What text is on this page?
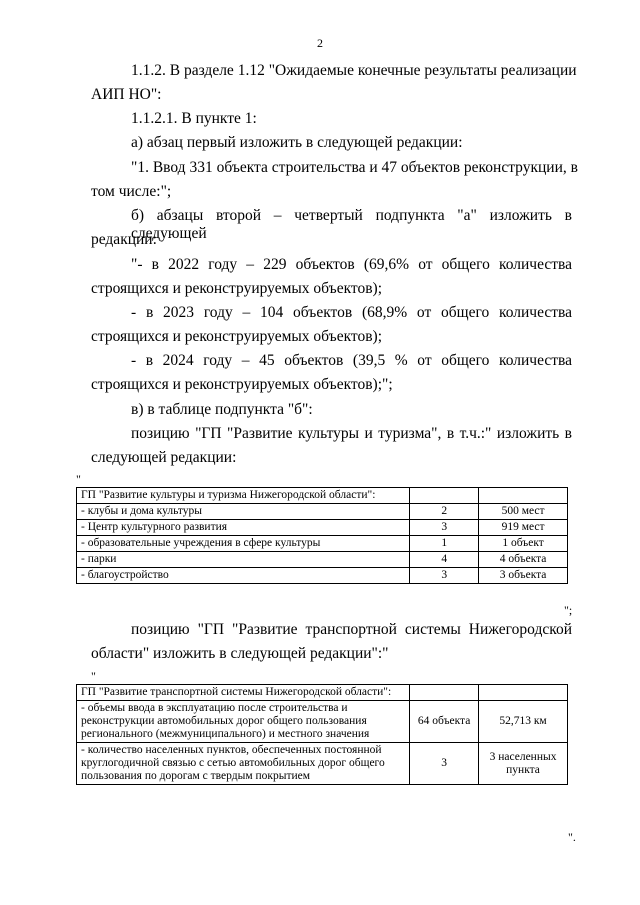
2
1.1.2. В разделе 1.12 "Ожидаемые конечные результаты реализации
АИП НО":
1.1.2.1. В пункте 1:
а) абзац первый изложить в следующей редакции:
"1. Ввод 331 объекта строительства и 47 объектов реконструкции, в
том числе:";
б) абзацы второй – четвертый подпункта "а" изложить в следующей
редакции:
"- в 2022 году – 229 объектов (69,6% от общего количества
строящихся и реконструируемых объектов);
- в 2023 году – 104 объектов (68,9% от общего количества
строящихся и реконструируемых объектов);
- в 2024 году – 45 объектов (39,5 % от общего количества
строящихся и реконструируемых объектов);";
в) в таблице подпункта "б":
позицию "ГП "Развитие культуры и туризма", в т.ч.:" изложить в
следующей редакции:
"
ГП "Развитие культуры и туризма Нижегородской области":		
- клубы и дома культуры	2	500 мест
- Центр культурного развития	3	919 мест
- образовательные учреждения в сфере культуры	1	1 объект
- парки	4	4 объекта
- благоустройство	3	3 объекта
";
позицию "ГП "Развитие транспортной системы Нижегородской
области" изложить в следующей редакции":"
"
ГП "Развитие транспортной системы Нижегородской области":		
- объемы ввода в эксплуатацию после строительства и реконструкции автомобильных дорог общего пользования регионального (межмуниципального) и местного значения	64 объекта	52,713 км
- количество населенных пунктов, обеспеченных постоянной круглогодичной связью с сетью автомобильных дорог общего пользования по дорогам с твердым покрытием	3	3 населенных пункта
".
